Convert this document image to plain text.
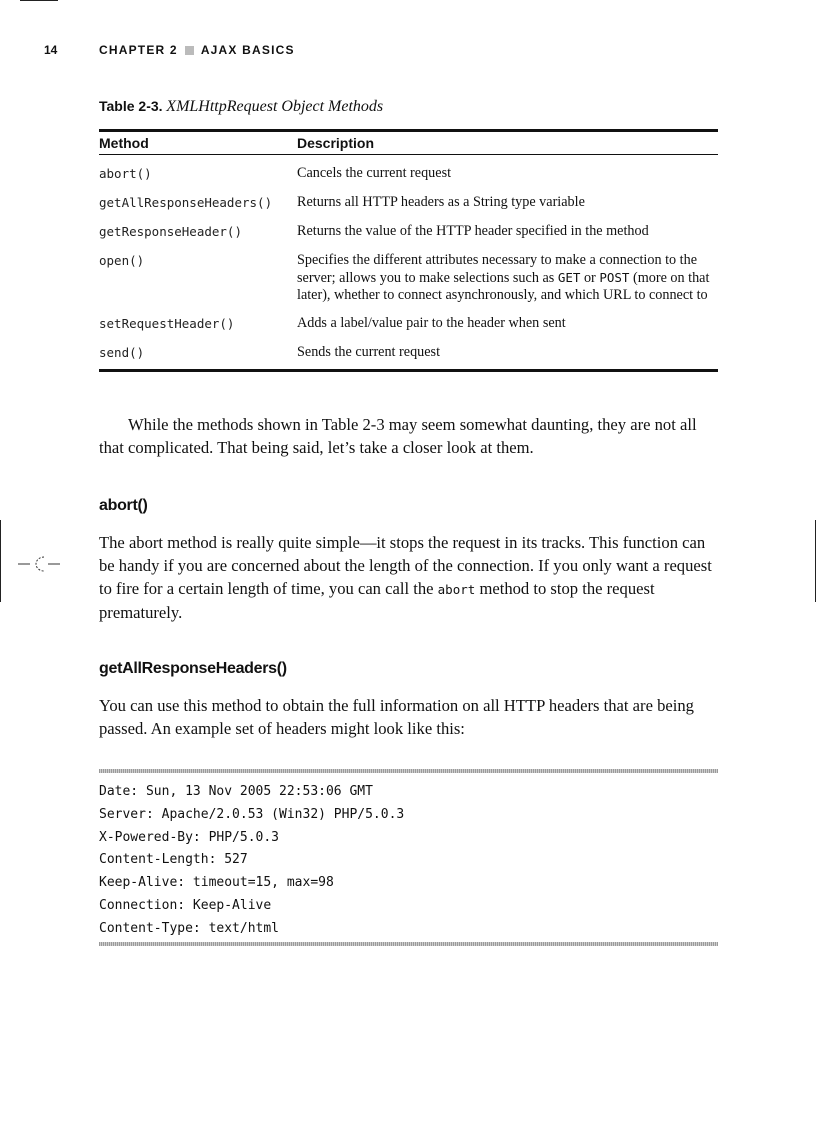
14	CHAPTER 2 AJAX BASICS
Table 2-3. XMLHttpRequest Object Methods
Method	Description
abort()	Cancels the current request
getAllResponseHeaders()	Returns all HTTP headers as a String type variable
getResponseHeader()	Returns the value of the HTTP header specified in the method
open()	Specifies the different attributes necessary to make a connection to the server; allows you to make selections such as GET or POST (more on that later), whether to connect asynchronously, and which URL to connect to
setRequestHeader()	Adds a label/value pair to the header when sent
send()	Sends the current request
While the methods shown in Table 2-3 may seem somewhat daunting, they are not all that complicated. That being said, let’s take a closer look at them.
abort()
The abort method is really quite simple—it stops the request in its tracks. This function can be handy if you are concerned about the length of the connection. If you only want a request to fire for a certain length of time, you can call the abort method to stop the request prematurely.
getAllResponseHeaders()
You can use this method to obtain the full information on all HTTP headers that are being passed. An example set of headers might look like this:
Date: Sun, 13 Nov 2005 22:53:06 GMT
Server: Apache/2.0.53 (Win32) PHP/5.0.3
X-Powered-By: PHP/5.0.3
Content-Length: 527
Keep-Alive: timeout=15, max=98
Connection: Keep-Alive
Content-Type: text/html
